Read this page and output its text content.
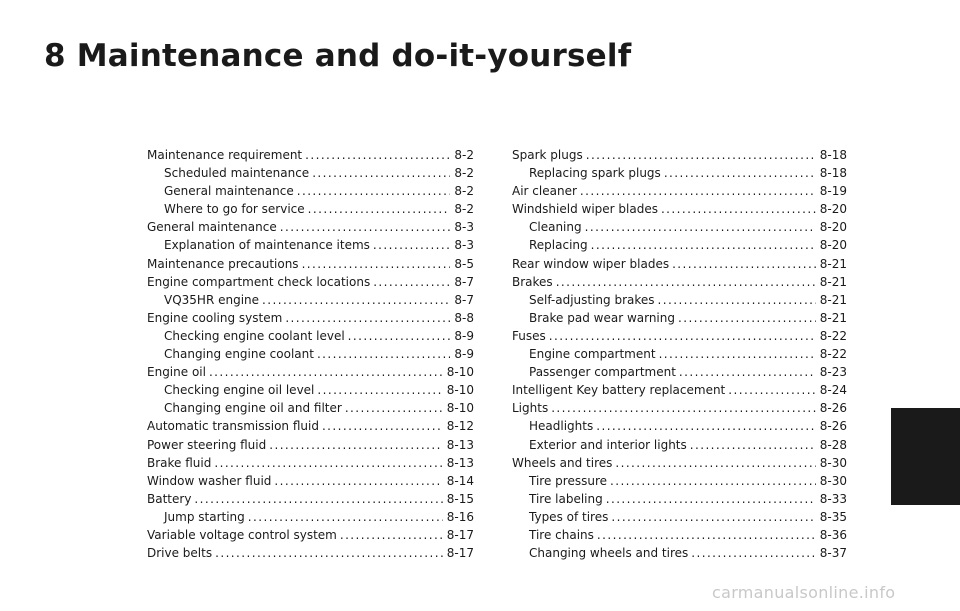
8 Maintenance and do-it-yourself
Maintenance requirement . . .	8-2
Scheduled maintenance . . .	8-2
General maintenance . . .	8-2
Where to go for service . . .	8-2
General maintenance . . .	8-3
Explanation of maintenance items . . .	8-3
Maintenance precautions . . .	8-5
Engine compartment check locations . . .	8-7
VQ35HR engine . . .	8-7
Engine cooling system . . .	8-8
Checking engine coolant level . . .	8-9
Changing engine coolant . . .	8-9
Engine oil . . .	8-10
Checking engine oil level . . .	8-10
Changing engine oil and filter . . .	8-10
Automatic transmission fluid . . .	8-12
Power steering fluid . . .	8-13
Brake fluid . . .	8-13
Window washer fluid . . .	8-14
Battery . . .	8-15
Jump starting . . .	8-16
Variable voltage control system . . .	8-17
Drive belts . . .	8-17
Spark plugs . . .	8-18
Replacing spark plugs . . .	8-18
Air cleaner . . .	8-19
Windshield wiper blades . . .	8-20
Cleaning . . .	8-20
Replacing . . .	8-20
Rear window wiper blades . . .	8-21
Brakes . . .	8-21
Self-adjusting brakes . . .	8-21
Brake pad wear warning . . .	8-21
Fuses . . .	8-22
Engine compartment . . .	8-22
Passenger compartment . . .	8-23
Intelligent Key battery replacement . . .	8-24
Lights . . .	8-26
Headlights . . .	8-26
Exterior and interior lights . . .	8-28
Wheels and tires . . .	8-30
Tire pressure . . .	8-30
Tire labeling . . .	8-33
Types of tires . . .	8-35
Tire chains . . .	8-36
Changing wheels and tires . . .	8-37
carmanualsonline.info
